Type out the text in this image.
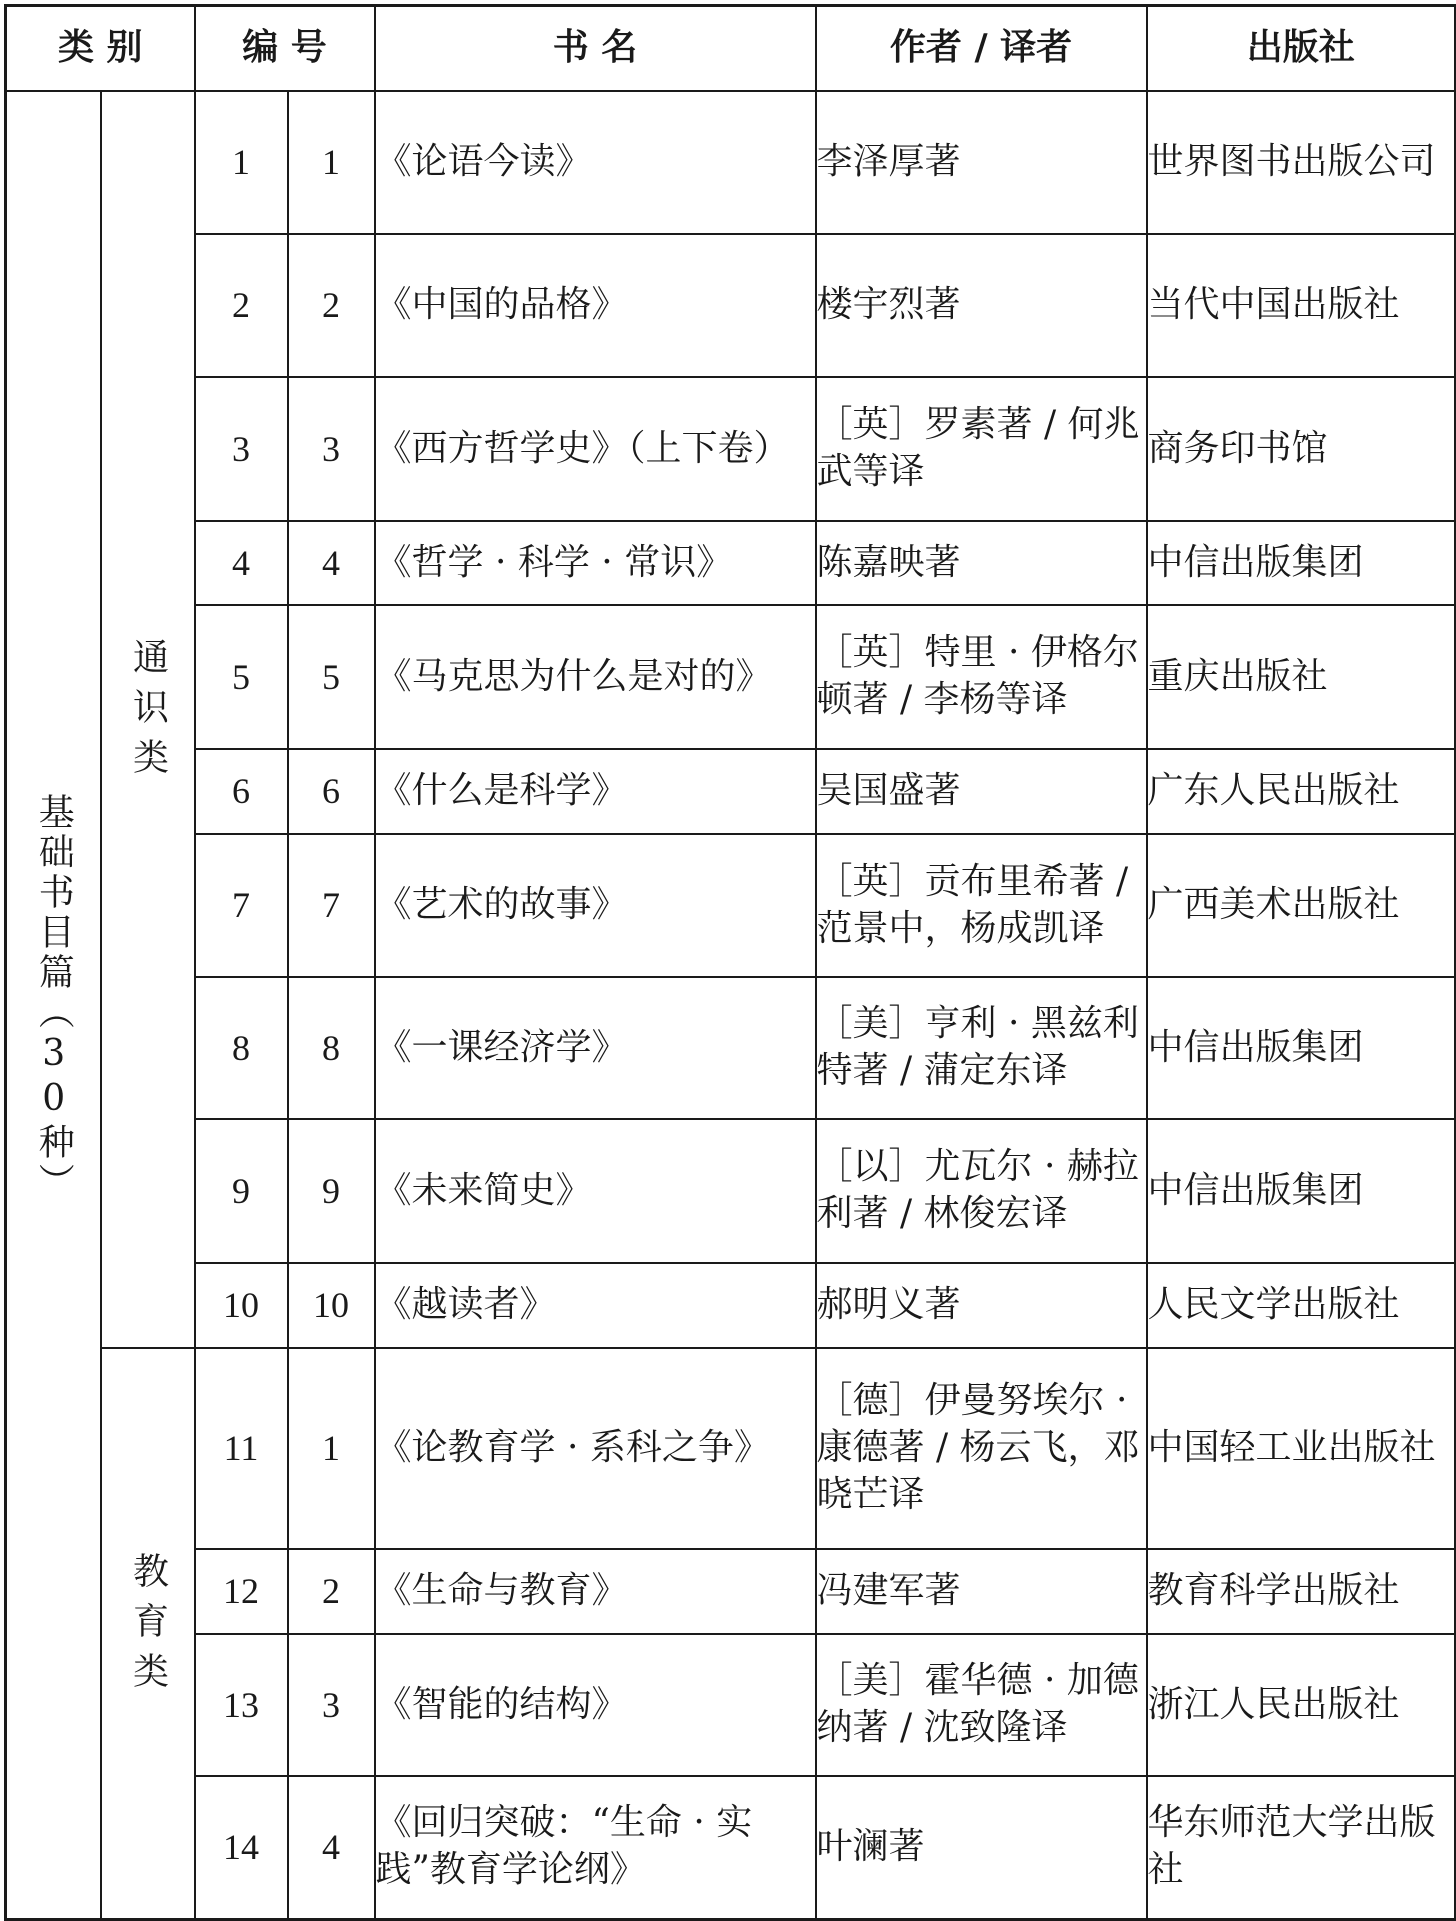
类 别		编 号		书 名	作者 / 译者	出版社
基础书目篇（30种）	通识类	1	1	《论语今读》	李泽厚著	世界图书出版公司
		2	2	《中国的品格》	楼宇烈著	当代中国出版社
		3	3	《西方哲学史》（上下卷）	［英］罗素著 / 何兆武等译	商务印书馆
		4	4	《哲学 · 科学 · 常识》	陈嘉映著	中信出版集团
		5	5	《马克思为什么是对的》	［英］特里 · 伊格尔顿著 / 李杨等译	重庆出版社
		6	6	《什么是科学》	吴国盛著	广东人民出版社
		7	7	《艺术的故事》	［英］贡布里希著 / 范景中，杨成凯译	广西美术出版社
		8	8	《一课经济学》	［美］亨利 · 黑兹利特著 / 蒲定东译	中信出版集团
		9	9	《未来简史》	［以］尤瓦尔 · 赫拉利著 / 林俊宏译	中信出版集团
		10	10	《越读者》	郝明义著	人民文学出版社
	教育类	11	1	《论教育学 · 系科之争》	［德］伊曼努埃尔 · 康德著 / 杨云飞，邓晓芒译	中国轻工业出版社
		12	2	《生命与教育》	冯建军著	教育科学出版社
		13	3	《智能的结构》	［美］霍华德 · 加德纳著 / 沈致隆译	浙江人民出版社
		14	4	《回归突破：“生命 · 实践”教育学论纲》	叶澜著	华东师范大学出版社
